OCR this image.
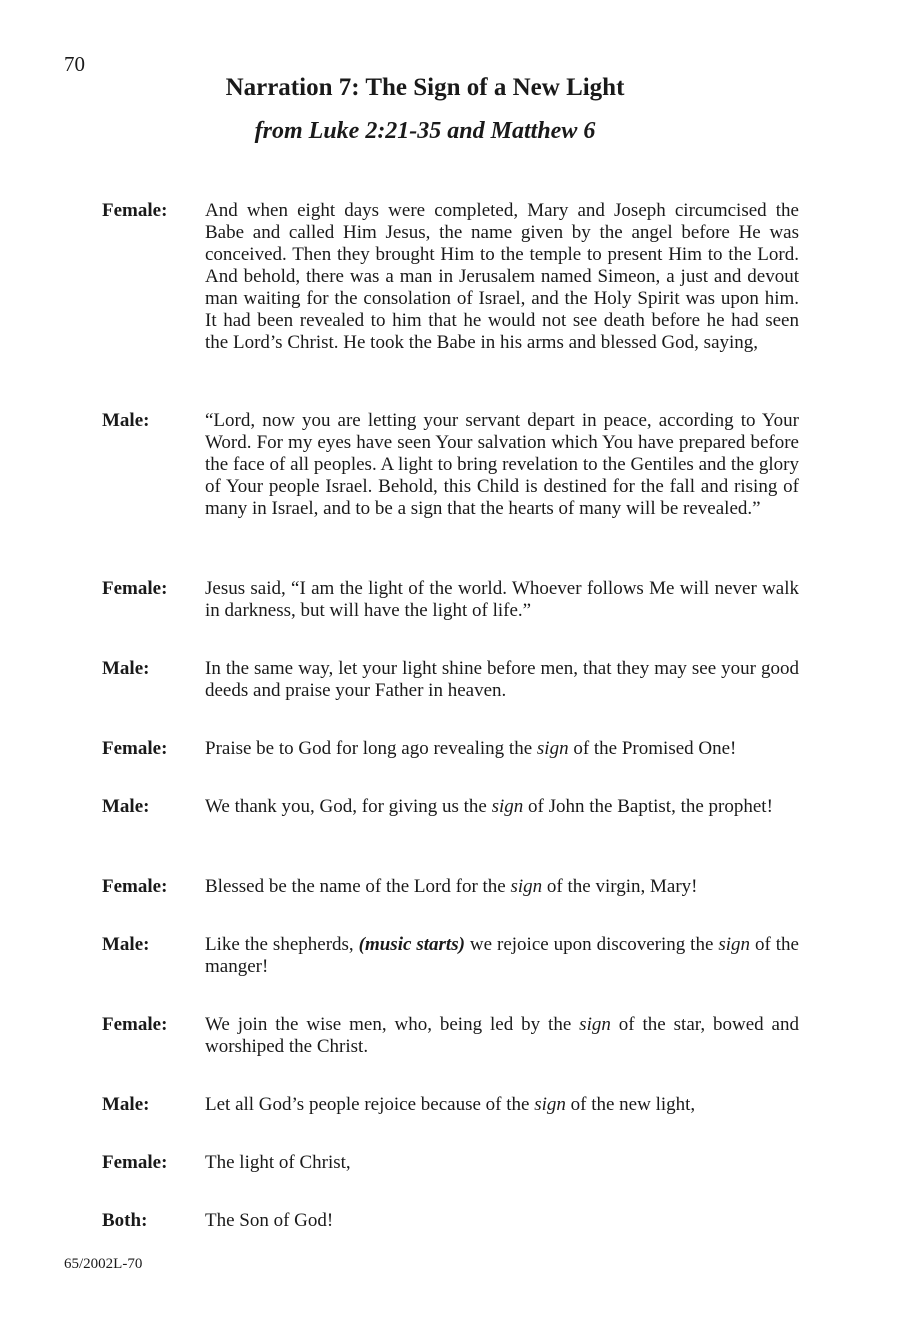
70
Narration 7: The Sign of a New Light
from Luke 2:21-35 and Matthew 6
Female:	And when eight days were completed, Mary and Joseph circumcised the Babe and called Him Jesus, the name given by the angel before He was conceived. Then they brought Him to the temple to present Him to the Lord. And behold, there was a man in Jerusalem named Simeon, a just and devout man waiting for the consolation of Israel, and the Holy Spirit was upon him. It had been revealed to him that he would not see death before he had seen the Lord’s Christ. He took the Babe in his arms and blessed God, saying,

Male:	“Lord, now you are letting your servant depart in peace, according to Your Word. For my eyes have seen Your salvation which You have prepared before the face of all peoples. A light to bring revelation to the Gentiles and the glory of Your people Israel. Behold, this Child is destined for the fall and rising of many in Israel, and to be a sign that the hearts of many will be revealed.”

Female:	Jesus said, “I am the light of the world. Whoever follows Me will never walk in darkness, but will have the light of life.”

Male:	In the same way, let your light shine before men, that they may see your good deeds and praise your Father in heaven.

Female:	Praise be to God for long ago revealing the sign of the Promised One!

Male:	We thank you, God, for giving us the sign of John the Baptist, the prophet!

Female:	Blessed be the name of the Lord for the sign of the virgin, Mary!

Male:	Like the shepherds, (music starts) we rejoice upon discovering the sign of the manger!

Female:	We join the wise men, who, being led by the sign of the star, bowed and worshiped the Christ.

Male:	Let all God’s people rejoice because of the sign of the new light,

Female:	The light of Christ,

Both:	The Son of God!

65/2002L-70
